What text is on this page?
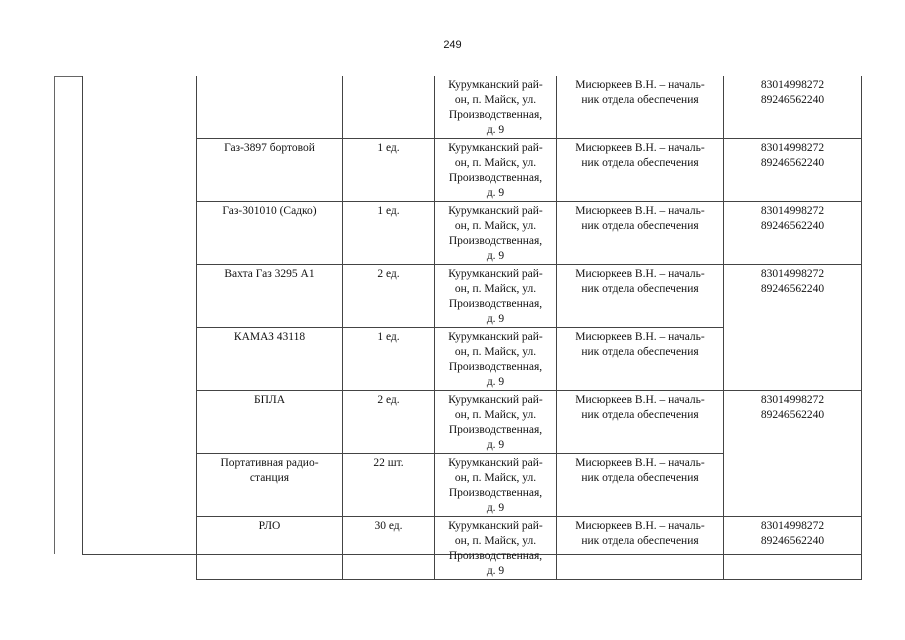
249

		Курумканский рай-
он, п. Майск, ул.
Производственная,
д. 9	Мисюркеев В.Н. – началь-
ник отдела обеспечения	83014998272
89246562240

Газ-3897 бортовой	1 ед.	Курумканский рай-
он, п. Майск, ул.
Производственная,
д. 9	Мисюркеев В.Н. – началь-
ник отдела обеспечения	83014998272
89246562240

Газ-301010 (Садко)	1 ед.	Курумканский рай-
он, п. Майск, ул.
Производственная,
д. 9	Мисюркеев В.Н. – началь-
ник отдела обеспечения	83014998272
89246562240

Вахта Газ 3295 А1	2 ед.	Курумканский рай-
он, п. Майск, ул.
Производственная,
д. 9	Мисюркеев В.Н. – началь-
ник отдела обеспечения	83014998272
89246562240

КАМАЗ 43118	1 ед.	Курумканский рай-
он, п. Майск, ул.
Производственная,
д. 9	Мисюркеев В.Н. – началь-
ник отдела обеспечения	

БПЛА	2 ед.	Курумканский рай-
он, п. Майск, ул.
Производственная,
д. 9	Мисюркеев В.Н. – началь-
ник отдела обеспечения	83014998272
89246562240

Портативная радио-станция	22 шт.	Курумканский рай-
он, п. Майск, ул.
Производственная,
д. 9	Мисюркеев В.Н. – началь-
ник отдела обеспечения	

РЛО	30 ед.	Курумканский рай-
он, п. Майск, ул.
Производственная,
д. 9	Мисюркеев В.Н. – началь-
ник отдела обеспечения	83014998272
89246562240
